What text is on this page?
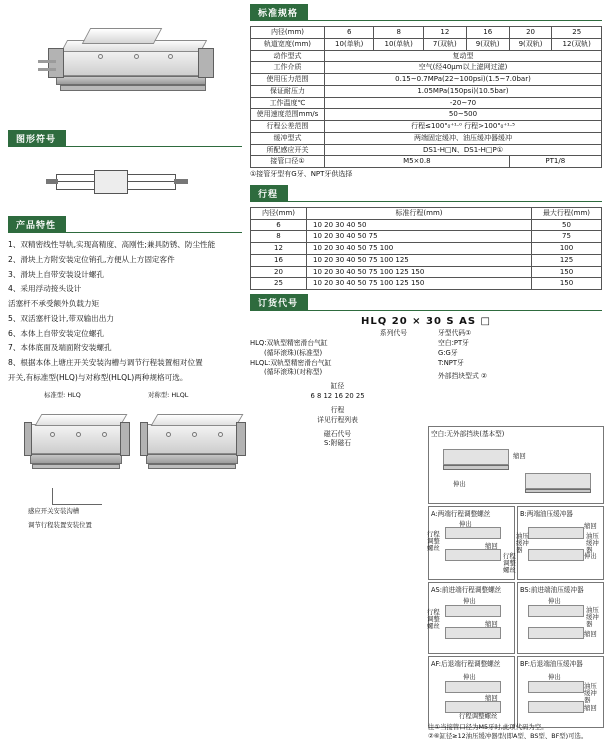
图形符号
产品特性
1、双精密线性导轨,实现高精度、高刚性;兼具防锈、防尘性能
2、滑块上方附安装定位销孔,方便从上方固定客件
3、滑块上自带安装设计螺孔
4、采用浮动接头设计
活塞杆不承受额外负载力矩
5、双活塞杆设计,带双输出出力
6、本体上自带安装定位螺孔
7、本体底面及端面附安装螺孔
8、根据本体上塘庄开关安装沟槽与调节行程装置相对位置
开关,有标准型(HLQ)与对称型(HLQL)两种规格可选。
标准型: HLQ	对称型: HLQL
感应开关安装沟槽
调节行程装置安装位置
标准规格
内径(mm)	6	8	12	16	20	25
轨道宽度(mm)	10(单轨)	10(单轨)	7(双轨)	9(双轨)	9(双轨)	12(双轨)
动作型式	复动型					
工作介质	空气(经40μm以上滤网过滤)					
使用压力范围	0.15~0.7MPa(22~100psi)(1.5~7.0bar)					
保证耐压力	1.05MPa(150psi)(10.5bar)					
工作温度℃	-20~70					
使用速度范围mm/s	50~500					
行程公差范围	行程≤100"₀⁺¹·⁰ 行程>100"₀⁺¹·⁵					
缓冲型式	两端固定缓冲、油压缓冲器缓冲					
所配感应开关	DS1-H□N、DS1-H□P①					
接管口径①	M5×0.8				PT1/8	
①接管牙型有G牙、NPT牙供选择
行程
内径(mm)	标准行程(mm)	最大行程(mm)
6	10 20 30 40 50	50
8	10 20 30 40 50 75	75
12	10 20 30 40 50 75 100	100
16	10 20 30 40 50 75 100 125	125
20	10 20 30 40 50 75 100 125 150	150
25	10 20 30 40 50 75 100 125 150	150
订货代号
HLQ 20 × 30 S AS □
系列代号
HLQ:双轨型精密滑台气缸
(循环滚珠)(标准型)
HLQL:双轨型精密滑台气缸
(循环滚珠)(对称型)
缸径
6 8 12 16 20 25
行程
详见行程列表
磁石代号
S:附磁石
牙型代码①
空白:PT牙
G:G牙
T:NPT牙
外部挡块型式 ②
空白:无外部挡块(基本型)
缩回
伸出
A:两端行程调整螺丝
伸出
缩回
行程调整螺丝
行程调整螺丝
B:两端油压缓冲器
缩回
伸出
油压缓冲器
油压缓冲器
AS:前进端行程调整螺丝
伸出
缩回
行程调整螺丝
BS:前进端油压缓冲器
伸出
缩回
油压缓冲器
AF:后退端行程调整螺丝
伸出
缩回
行程调整螺丝
BF:后退端油压缓冲器
伸出
缩回
油压缓冲器
注①当接管口径为M5牙时,此项代码为空。
②⑥缸径≥12油压缓冲器型(即A型、BS型、BF型)可选。
